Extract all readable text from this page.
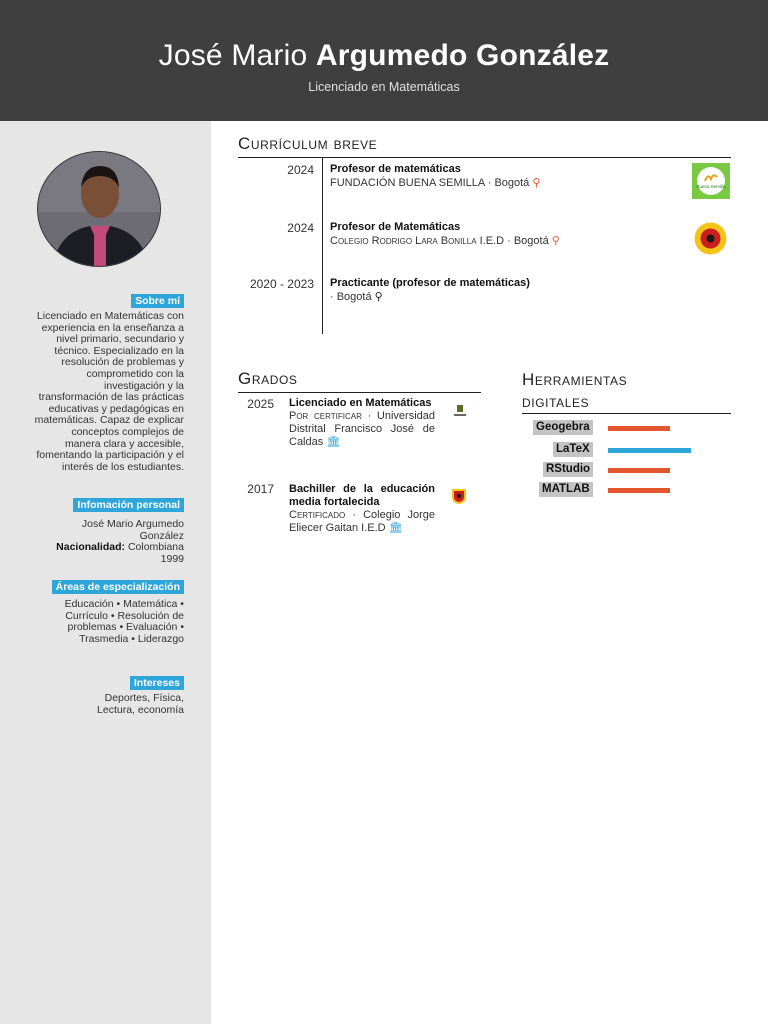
José Mario Argumedo González
Licenciado en Matemáticas
Sobre mí
Licenciado en Matemáticas con experiencia en la enseñanza a nivel primario, secundario y técnico. Especializado en la resolución de problemas y comprometido con la investigación y la transformación de las prácticas educativas y pedagógicas en matemáticas. Capaz de explicar conceptos complejos de manera clara y accesible, fomentando la participación y el interés de los estudiantes.
Infomación personal
José Mario Argumedo González
Nacionalidad: Colombiana
1999
Áreas de especialización
Educación • Matemática • Currículo • Resolución de problemas • Evaluación • Trasmedia • Liderazgo
Intereses
Deportes, Física, Lectura, economía
Currículum breve
2024 Profesor de matemáticas
FUNDACIÓN BUENA SEMILLA · Bogotá ⚲	Buena Semilla
2024 Profesor de Matemáticas
Colegio Rodrigo Lara Bonilla I.E.D · Bogotá ⚲
2020 - 2023 Practicante (profesor de matemáticas)
· Bogotá ⚲
Grados
2025 Licenciado en Matemáticas
Por certificar · Universidad Distrital Francisco José de Caldas 🏛
2017 Bachiller de la educación media fortalecida
Certificado · Colegio Jorge Eliecer Gaitan I.E.D 🏛
Herramientas
digitales
Geogebra
LaTeX
RStudio
MATLAB
